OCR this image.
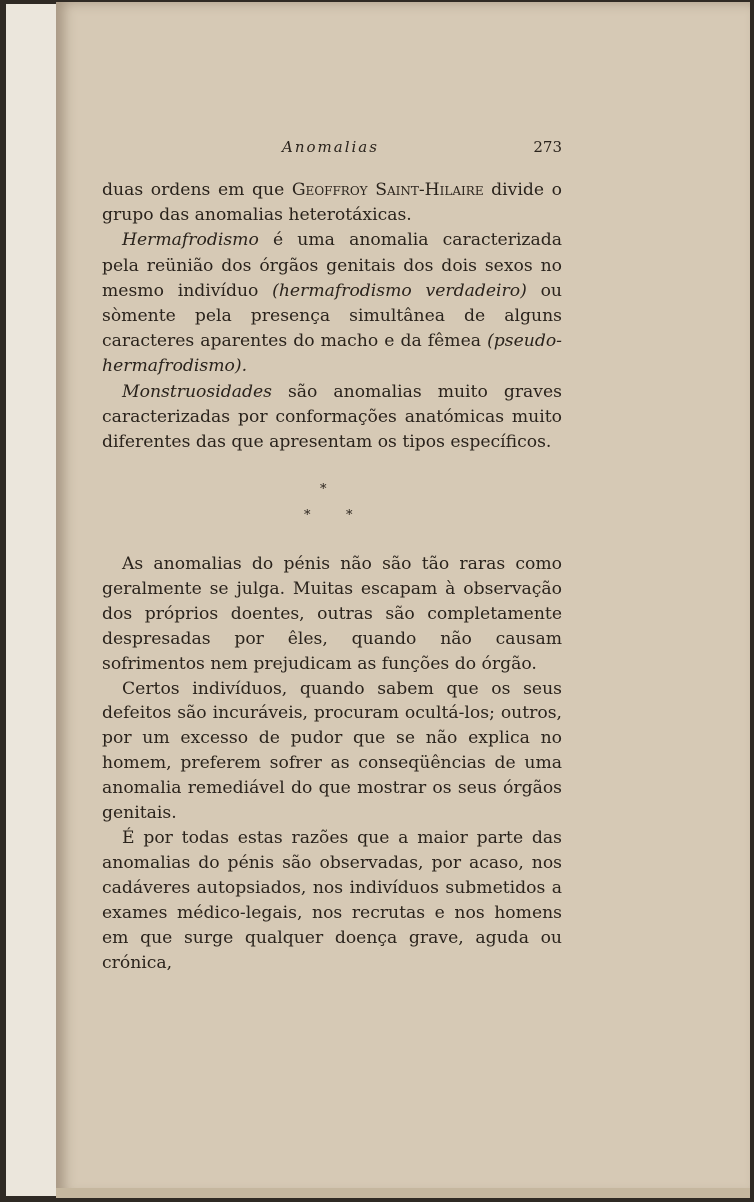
Anomalias	273

duas ordens em que Geoffroy Saint-Hilaire divide o grupo das anomalias heterotáxicas.

Hermafrodismo é uma anomalia caracterizada pela reünião dos órgãos genitais dos dois sexos no mesmo indivíduo (hermafrodismo verdadeiro) ou sòmente pela presença simultânea de alguns caracteres aparentes do macho e da fêmea (pseudo-hermafrodismo).

Monstruosidades são anomalias muito graves caracterizadas por conformações anatómicas muito diferentes das que apresentam os tipos específicos.

*
*	*

As anomalias do pénis não são tão raras como geralmente se julga. Muitas escapam à observação dos próprios doentes, outras são completamente despresadas por êles, quando não causam sofrimentos nem prejudicam as funções do órgão.

Certos indivíduos, quando sabem que os seus defeitos são incuráveis, procuram ocultá-los; outros, por um excesso de pudor que se não explica no homem, preferem sofrer as conseqüências de uma anomalia remediável do que mostrar os seus órgãos genitais.

É por todas estas razões que a maior parte das anomalias do pénis são observadas, por acaso, nos cadáveres autopsiados, nos indivíduos submetidos a exames médico-legais, nos recrutas e nos homens em que surge qualquer doença grave, aguda ou crónica,
